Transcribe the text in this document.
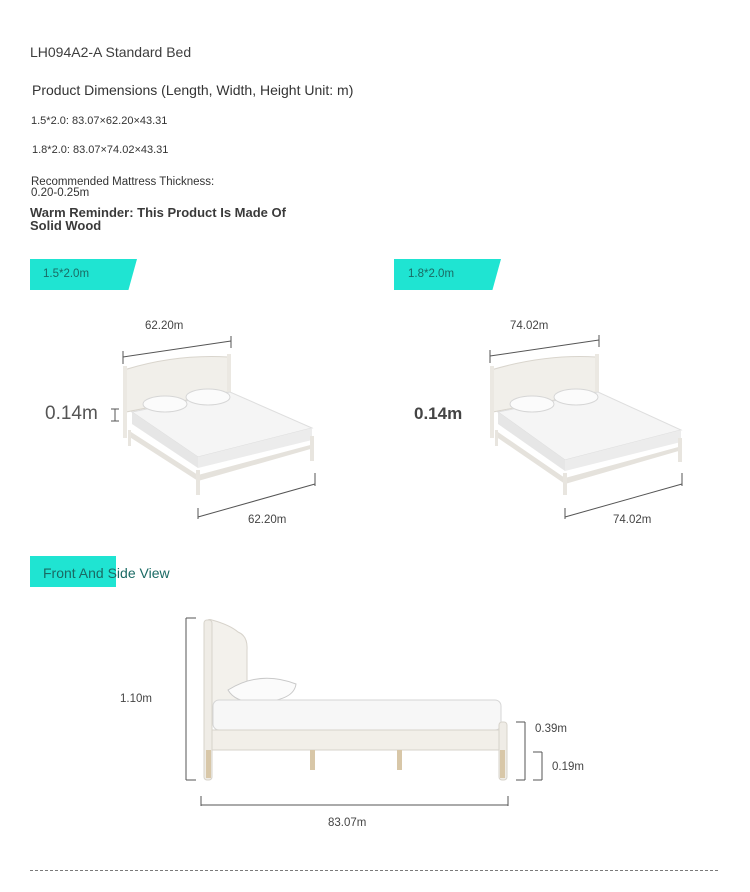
LH094A2-A Standard Bed
Product Dimensions (Length, Width, Height Unit: m)
1.5*2.0: 83.07×62.20×43.31
1.8*2.0: 83.07×74.02×43.31
Recommended Mattress Thickness:
0.20-0.25m
Warm Reminder: This Product Is Made Of
Solid Wood
1.5*2.0m	1.8*2.0m
Front And Side View
62.20m
62.20m
0.14m
74.02m
74.02m
0.14m
1.10m
0.39m
0.19m
83.07m
